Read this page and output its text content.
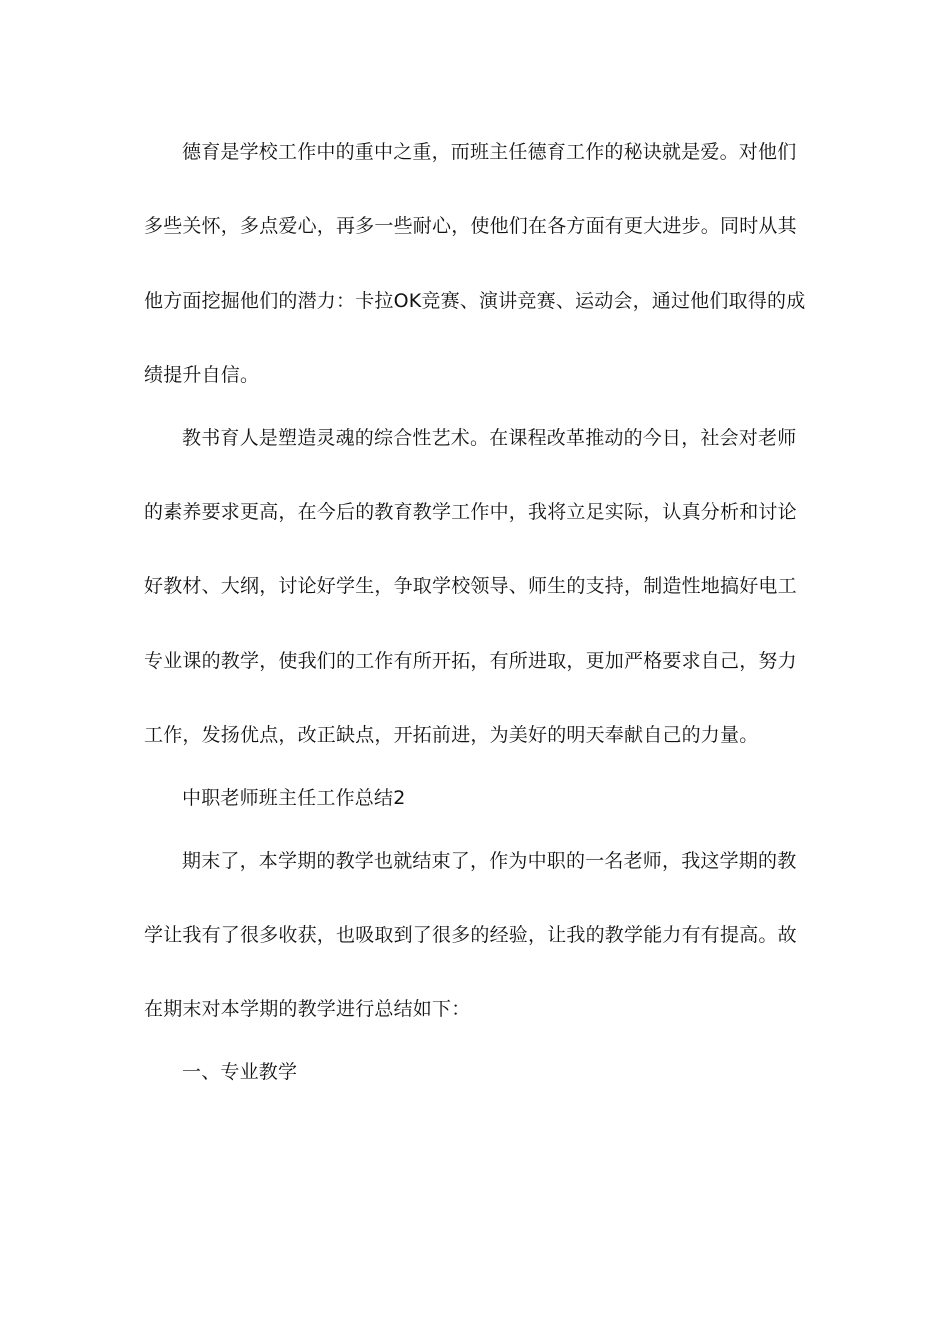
德育是学校工作中的重中之重，而班主任德育工作的秘诀就是爱。对他们
多些关怀，多点爱心，再多一些耐心，使他们在各方面有更大进步。同时从其
他方面挖掘他们的潜力：卡拉OK竞赛、演讲竞赛、运动会，通过他们取得的成
绩提升自信。
教书育人是塑造灵魂的综合性艺术。在课程改革推动的今日，社会对老师
的素养要求更高，在今后的教育教学工作中，我将立足实际，认真分析和讨论
好教材、大纲，讨论好学生，争取学校领导、师生的支持，制造性地搞好电工
专业课的教学，使我们的工作有所开拓，有所进取，更加严格要求自己，努力
工作，发扬优点，改正缺点，开拓前进，为美好的明天奉献自己的力量。
中职老师班主任工作总结2
期末了，本学期的教学也就结束了，作为中职的一名老师，我这学期的教
学让我有了很多收获，也吸取到了很多的经验，让我的教学能力有有提高。故
在期末对本学期的教学进行总结如下：
一、专业教学
